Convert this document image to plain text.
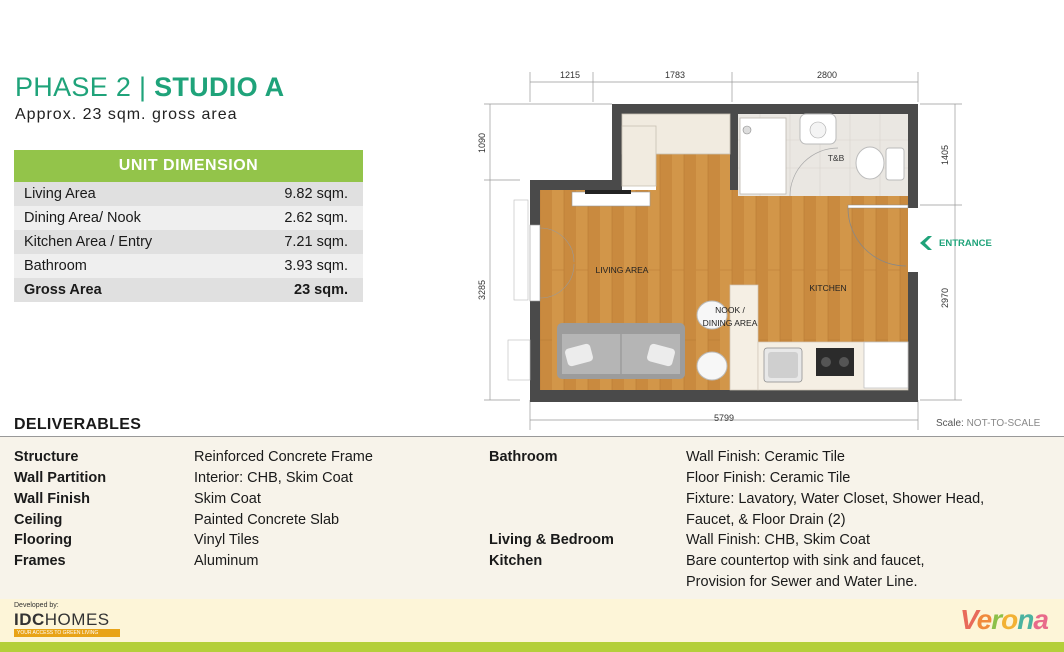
PHASE 2 | STUDIO A
Approx. 23 sqm. gross area
UNIT DIMENSION
Living Area	9.82 sqm.
Dining Area/ Nook	2.62 sqm.
Kitchen Area / Entry	7.21 sqm.
Bathroom	3.93 sqm.
Gross Area	23 sqm.
1215	1783	2800
5799
1090
3285
1405
2970
T&B
LIVING AREA
KITCHEN
NOOK /
DINING AREA
ENTRANCE
Scale: NOT-TO-SCALE
DELIVERABLES
Structure	Reinforced Concrete Frame
Wall Partition	Interior: CHB, Skim Coat
Wall Finish	Skim Coat
Ceiling	Painted Concrete Slab
Flooring	Vinyl Tiles
Frames	Aluminum
Bathroom	Wall Finish: Ceramic Tile
Floor Finish: Ceramic Tile
Fixture: Lavatory, Water Closet, Shower Head,
Faucet, & Floor Drain (2)
Living & Bedroom	Wall Finish: CHB, Skim Coat
Kitchen	Bare countertop with sink and faucet,
Provision for Sewer and Water Line.
Developed by:
IDCHOMES
YOUR ACCESS TO GREEN LIVING	Verona
